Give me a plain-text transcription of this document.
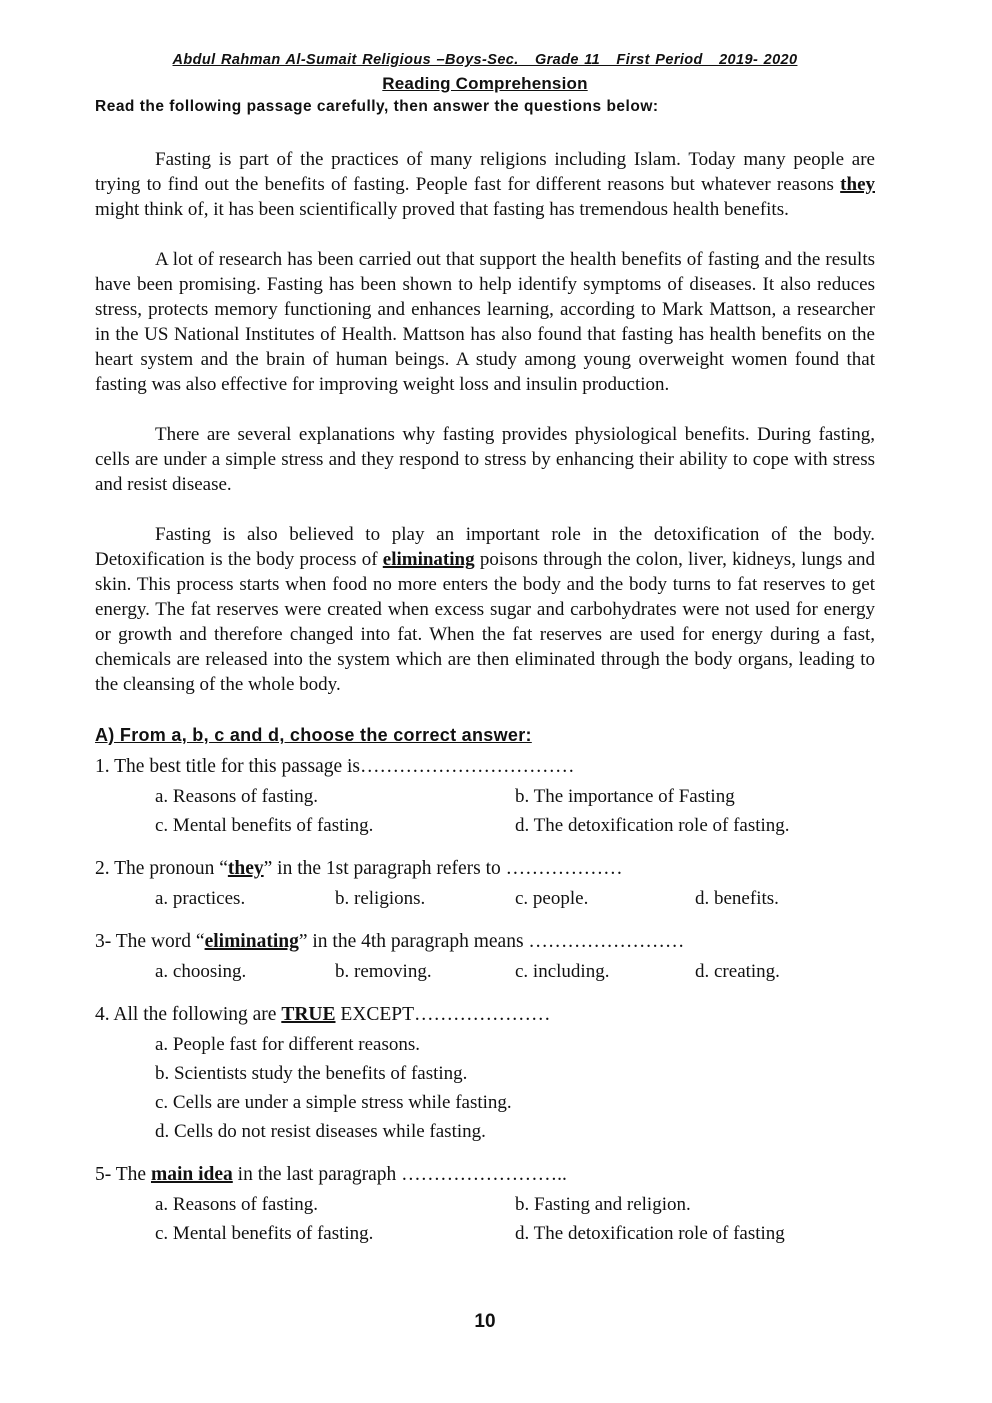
Abdul Rahman Al-Sumait Religious –Boys-Sec.   Grade 11   First Period   2019- 2020

Reading Comprehension

Read the following passage carefully, then answer the questions below:

Fasting is part of the practices of many religions including Islam. Today many people are trying to find out the benefits of fasting. People fast for different reasons but whatever reasons they might think of, it has been scientifically proved that fasting has tremendous health benefits.

A lot of research has been carried out that support the health benefits of fasting and the results have been promising. Fasting has been shown to help identify symptoms of diseases. It also reduces stress, protects memory functioning and enhances learning, according to Mark Mattson, a researcher in the US National Institutes of Health. Mattson has also found that fasting has health benefits on the heart system and the brain of human beings. A study among young overweight women found that fasting was also effective for improving weight loss and insulin production.

There are several explanations why fasting provides physiological benefits. During fasting, cells are under a simple stress and they respond to stress by enhancing their ability to cope with stress and resist disease.

Fasting is also believed to play an important role in the detoxification of the body. Detoxification is the body process of eliminating poisons through the colon, liver, kidneys, lungs and skin. This process starts when food no more enters the body and the body turns to fat reserves to get energy. The fat reserves were created when excess sugar and carbohydrates were not used for energy or growth and therefore changed into fat. When the fat reserves are used for energy during a fast, chemicals are released into the system which are then eliminated through the body organs, leading to the cleansing of the whole body.

A) From a, b, c and d, choose the correct answer:

1. The best title for this passage is……………………………

a. Reasons of fasting.	b. The importance of Fasting
c. Mental benefits of fasting.	d. The detoxification role of fasting.

2. The pronoun “they” in the 1st paragraph refers to ………………

a. practices.	b. religions.	c. people.	d. benefits.

3- The word “eliminating” in the 4th paragraph means ……………………

a. choosing.	b. removing.	c. including.	d. creating.

4. All the following are TRUE EXCEPT…………………

a. People fast for different reasons.
b. Scientists study the benefits of fasting.
c. Cells are under a simple stress while fasting.
d. Cells do not resist diseases while fasting.

5- The main idea in the last paragraph ……………………..

a. Reasons of fasting.	b. Fasting and religion.
c. Mental benefits of fasting.	d. The detoxification role of fasting
10
